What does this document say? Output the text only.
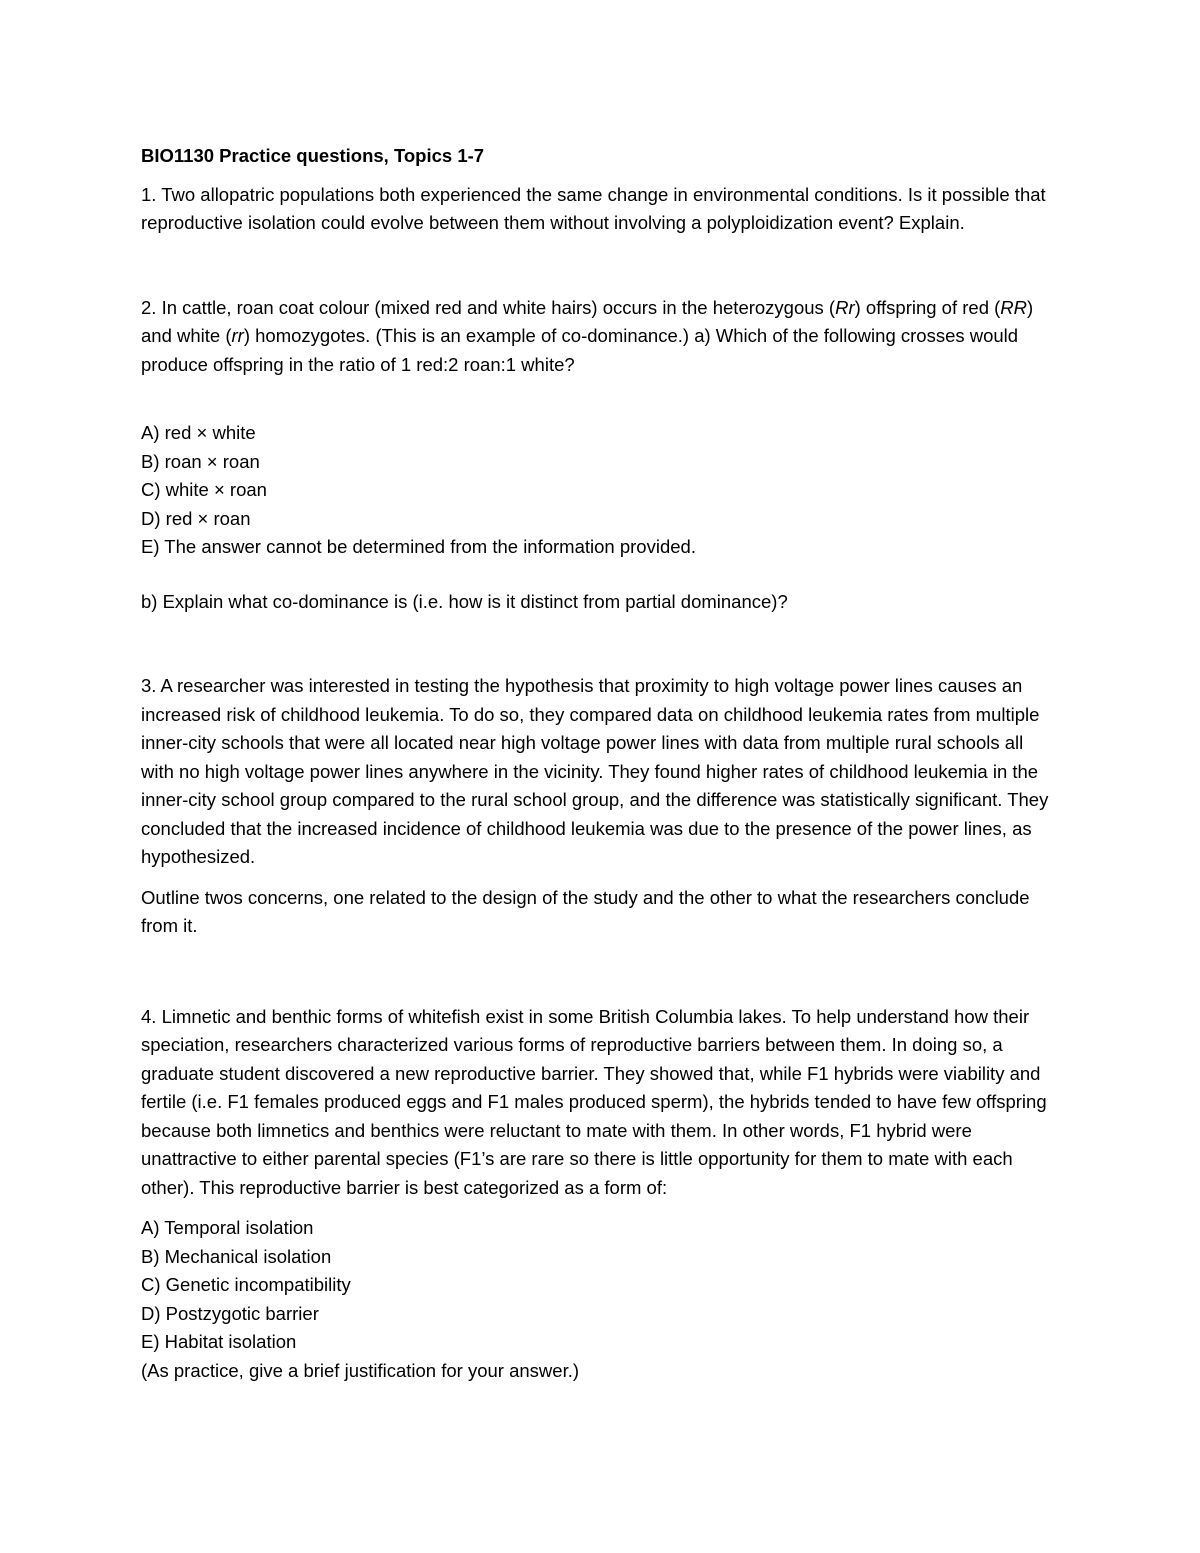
BIO1130 Practice questions, Topics 1-7

1. Two allopatric populations both experienced the same change in environmental conditions. Is it possible that reproductive isolation could evolve between them without involving a polyploidization event? Explain.

2. In cattle, roan coat colour (mixed red and white hairs) occurs in the heterozygous (Rr) offspring of red (RR) and white (rr) homozygotes. (This is an example of co-dominance.) a) Which of the following crosses would produce offspring in the ratio of 1 red:2 roan:1 white?

A) red × white

B) roan × roan

C) white × roan

D) red × roan

E) The answer cannot be determined from the information provided.

b) Explain what co-dominance is (i.e. how is it distinct from partial dominance)?

3. A researcher was interested in testing the hypothesis that proximity to high voltage power lines causes an increased risk of childhood leukemia. To do so, they compared data on childhood leukemia rates from multiple inner-city schools that were all located near high voltage power lines with data from multiple rural schools all with no high voltage power lines anywhere in the vicinity. They found higher rates of childhood leukemia in the inner-city school group compared to the rural school group, and the difference was statistically significant. They concluded that the increased incidence of childhood leukemia was due to the presence of the power lines, as hypothesized.

Outline twos concerns, one related to the design of the study and the other to what the researchers conclude from it.

4. Limnetic and benthic forms of whitefish exist in some British Columbia lakes. To help understand how their speciation, researchers characterized various forms of reproductive barriers between them. In doing so, a graduate student discovered a new reproductive barrier. They showed that, while F1 hybrids were viability and fertile (i.e. F1 females produced eggs and F1 males produced sperm), the hybrids tended to have few offspring because both limnetics and benthics were reluctant to mate with them. In other words, F1 hybrid were unattractive to either parental species (F1’s are rare so there is little opportunity for them to mate with each other). This reproductive barrier is best categorized as a form of:

A) Temporal isolation

B) Mechanical isolation

C) Genetic incompatibility

D) Postzygotic barrier

E) Habitat isolation

(As practice, give a brief justification for your answer.)
